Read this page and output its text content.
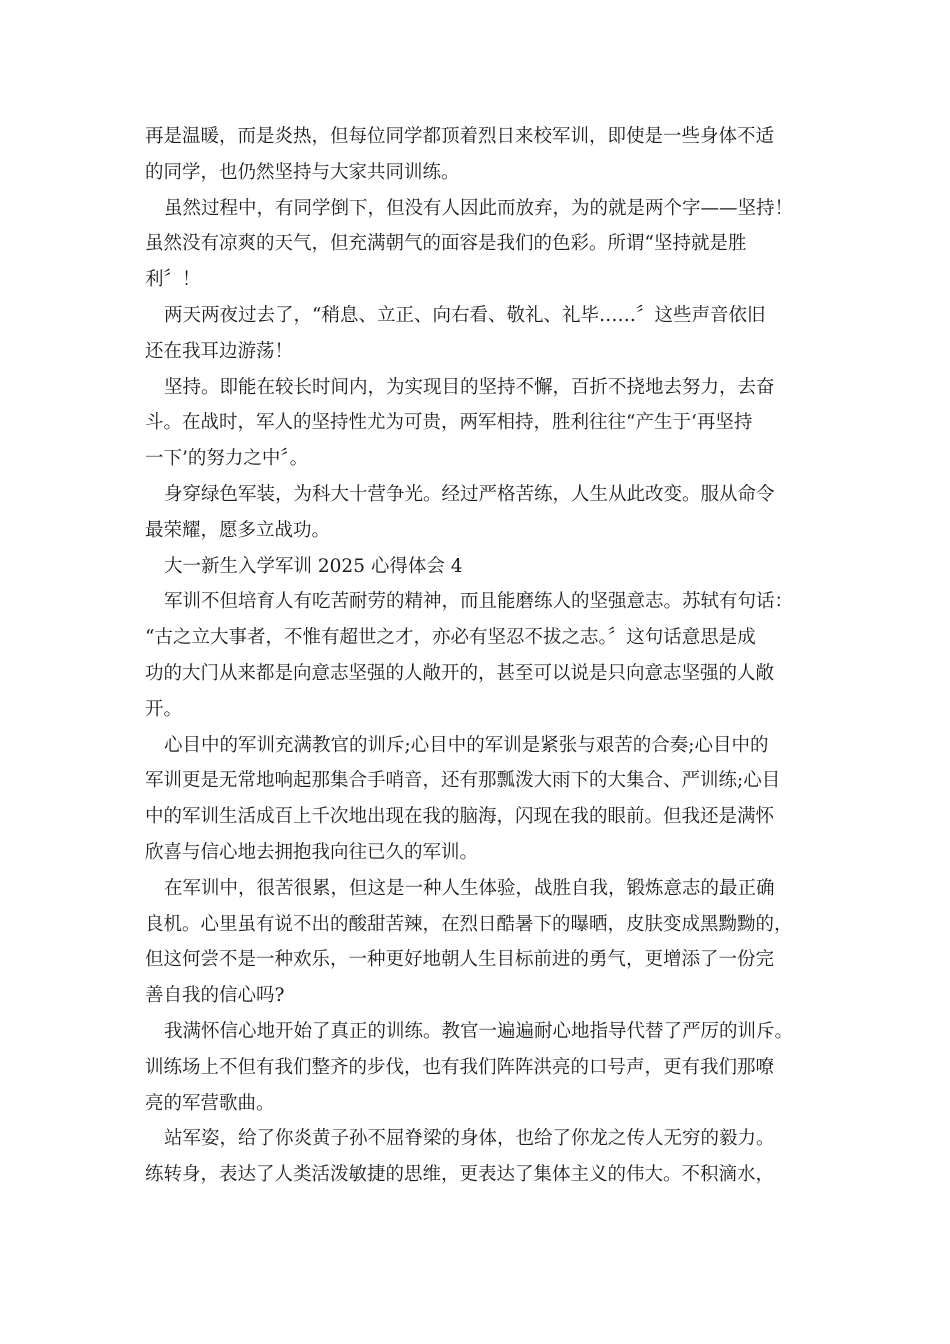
再是温暖，而是炎热，但每位同学都顶着烈日来校军训，即使是一些身体不适
的同学，也仍然坚持与大家共同训练。
虽然过程中，有同学倒下，但没有人因此而放弃，为的就是两个字——坚持！
虽然没有凉爽的天气，但充满朝气的面容是我们的色彩。所谓“坚持就是胜
利〞！
两天两夜过去了，“稍息、立正、向右看、敬礼、礼毕……〞这些声音依旧
还在我耳边游荡！
坚持。即能在较长时间内，为实现目的坚持不懈，百折不挠地去努力，去奋
斗。在战时，军人的坚持性尤为可贵，两军相持，胜利往往“产生于‘再坚持
一下’的努力之中〞。
身穿绿色军装，为科大十营争光。经过严格苦练，人生从此改变。服从命令
最荣耀，愿多立战功。
大一新生入学军训 2025 心得体会 4
军训不但培育人有吃苦耐劳的精神，而且能磨练人的坚强意志。苏轼有句话：
“古之立大事者，不惟有超世之才，亦必有坚忍不拔之志。〞这句话意思是成
功的大门从来都是向意志坚强的人敞开的，甚至可以说是只向意志坚强的人敞
开。
心目中的军训充满教官的训斥;心目中的军训是紧张与艰苦的合奏;心目中的
军训更是无常地响起那集合手哨音，还有那瓢泼大雨下的大集合、严训练;心目
中的军训生活成百上千次地出现在我的脑海，闪现在我的眼前。但我还是满怀
欣喜与信心地去拥抱我向往已久的军训。
在军训中，很苦很累，但这是一种人生体验，战胜自我，锻炼意志的最正确
良机。心里虽有说不出的酸甜苦辣，在烈日酷暑下的曝晒，皮肤变成黑黝黝的，
但这何尝不是一种欢乐，一种更好地朝人生目标前进的勇气，更增添了一份完
善自我的信心吗?
我满怀信心地开始了真正的训练。教官一遍遍耐心地指导代替了严厉的训斥。
训练场上不但有我们整齐的步伐，也有我们阵阵洪亮的口号声，更有我们那嘹
亮的军营歌曲。
站军姿，给了你炎黄子孙不屈脊梁的身体，也给了你龙之传人无穷的毅力。
练转身，表达了人类活泼敏捷的思维，更表达了集体主义的伟大。不积滴水，
